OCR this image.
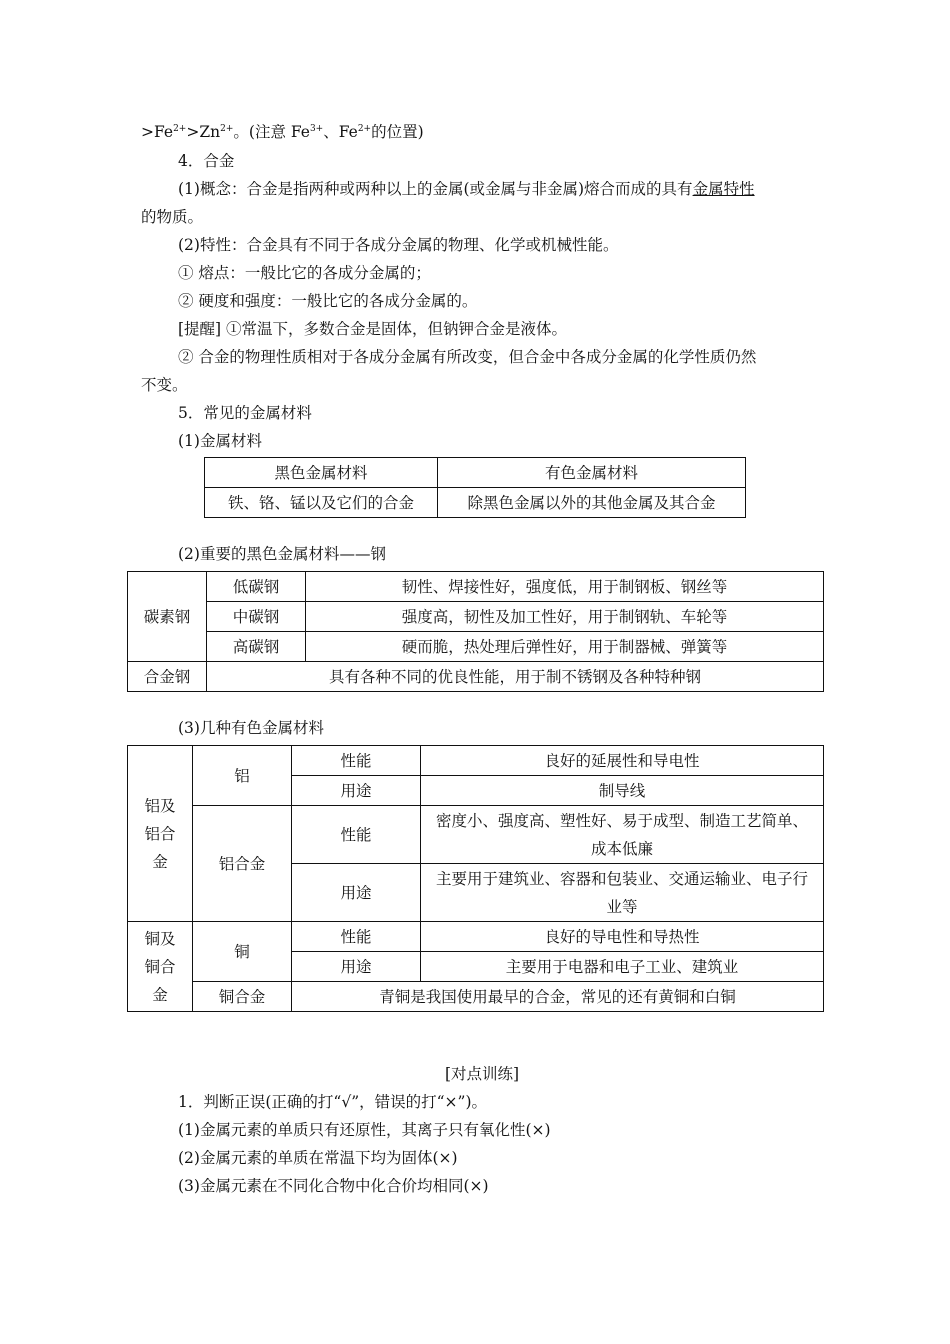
$>Fe^{2+}>Zn^{2+}$。(注意 $Fe^{3+}$、$Fe^{2+}$的位置)
4．合金
(1)概念：合金是指两种或两种以上的金属(或金属与非金属)熔合而成的具有金属特性
的物质。
(2)特性：合金具有不同于各成分金属的物理、化学或机械性能。
① 熔点：一般比它的各成分金属的；
② 硬度和强度：一般比它的各成分金属的。
[提醒] ①常温下，多数合金是固体，但钠钾合金是液体。
② 合金的物理性质相对于各成分金属有所改变，但合金中各成分金属的化学性质仍然
不变。
5．常见的金属材料
(1)金属材料
黑色金属材料	有色金属材料
铁、铬、锰以及它们的合金	除黑色金属以外的其他金属及其合金
(2)重要的黑色金属材料——钢
碳素钢	低碳钢	韧性、焊接性好，强度低，用于制钢板、钢丝等
	中碳钢	强度高，韧性及加工性好，用于制钢轨、车轮等
	高碳钢	硬而脆，热处理后弹性好，用于制器械、弹簧等
合金钢	具有各种不同的优良性能，用于制不锈钢及各种特种钢	
(3)几种有色金属材料
铝及铝合金	铝	性能	良好的延展性和导电性
		用途	制导线
	铝合金	性能	密度小、强度高、塑性好、易于成型、制造工艺简单、成本低廉
		用途	主要用于建筑业、容器和包装业、交通运输业、电子行业等
铜及铜合金	铜	性能	良好的导电性和导热性
		用途	主要用于电器和电子工业、建筑业
	铜合金	青铜是我国使用最早的合金，常见的还有黄铜和白铜	
[对点训练]
1．判断正误(正确的打“√”，错误的打“×”)。
(1)金属元素的单质只有还原性，其离子只有氧化性(×)
(2)金属元素的单质在常温下均为固体(×)
(3)金属元素在不同化合物中化合价均相同(×)
